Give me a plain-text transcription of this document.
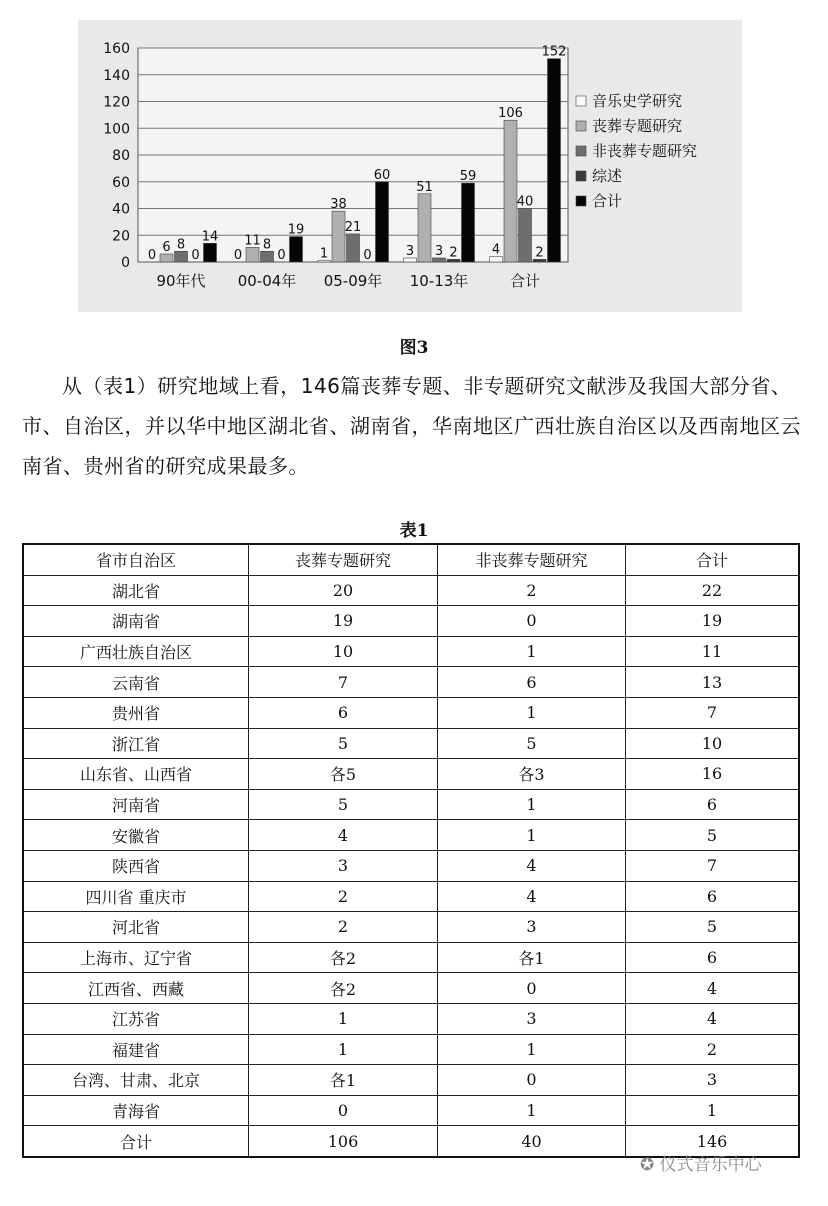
0
20
40
60
80
100
120
140
160
0
6 8
0
14
90年代
0
11 8
0
19
00-04年
1
38
21
0
60
05-09年
3
51
3 2
59
10-13年
4
106
40
2
152
合计
音乐史学研究
丧葬专题研究
非丧葬专题研究
综述
合计
图3

从（表1）研究地域上看，146篇丧葬专题、非专题研究文献涉及我国大部分省、市、自治区，并以华中地区湖北省、湖南省，华南地区广西壮族自治区以及西南地区云南省、贵州省的研究成果最多。

表1
省市自治区	丧葬专题研究	非丧葬专题研究	合计
湖北省	20	2	22
湖南省	19	0	19
广西壮族自治区	10	1	11
云南省	7	6	13
贵州省	6	1	7
浙江省	5	5	10
山东省、山西省	各5	各3	16
河南省	5	1	6
安徽省	4	1	5
陕西省	3	4	7
四川省 重庆市	2	4	6
河北省	2	3	5
上海市、辽宁省	各2	各1	6
江西省、西藏	各2	0	4
江苏省	1	3	4
福建省	1	1	2
台湾、甘肃、北京	各1	0	3
青海省	0	1	1
合计	106	40	146
✪ 仪式音乐中心
